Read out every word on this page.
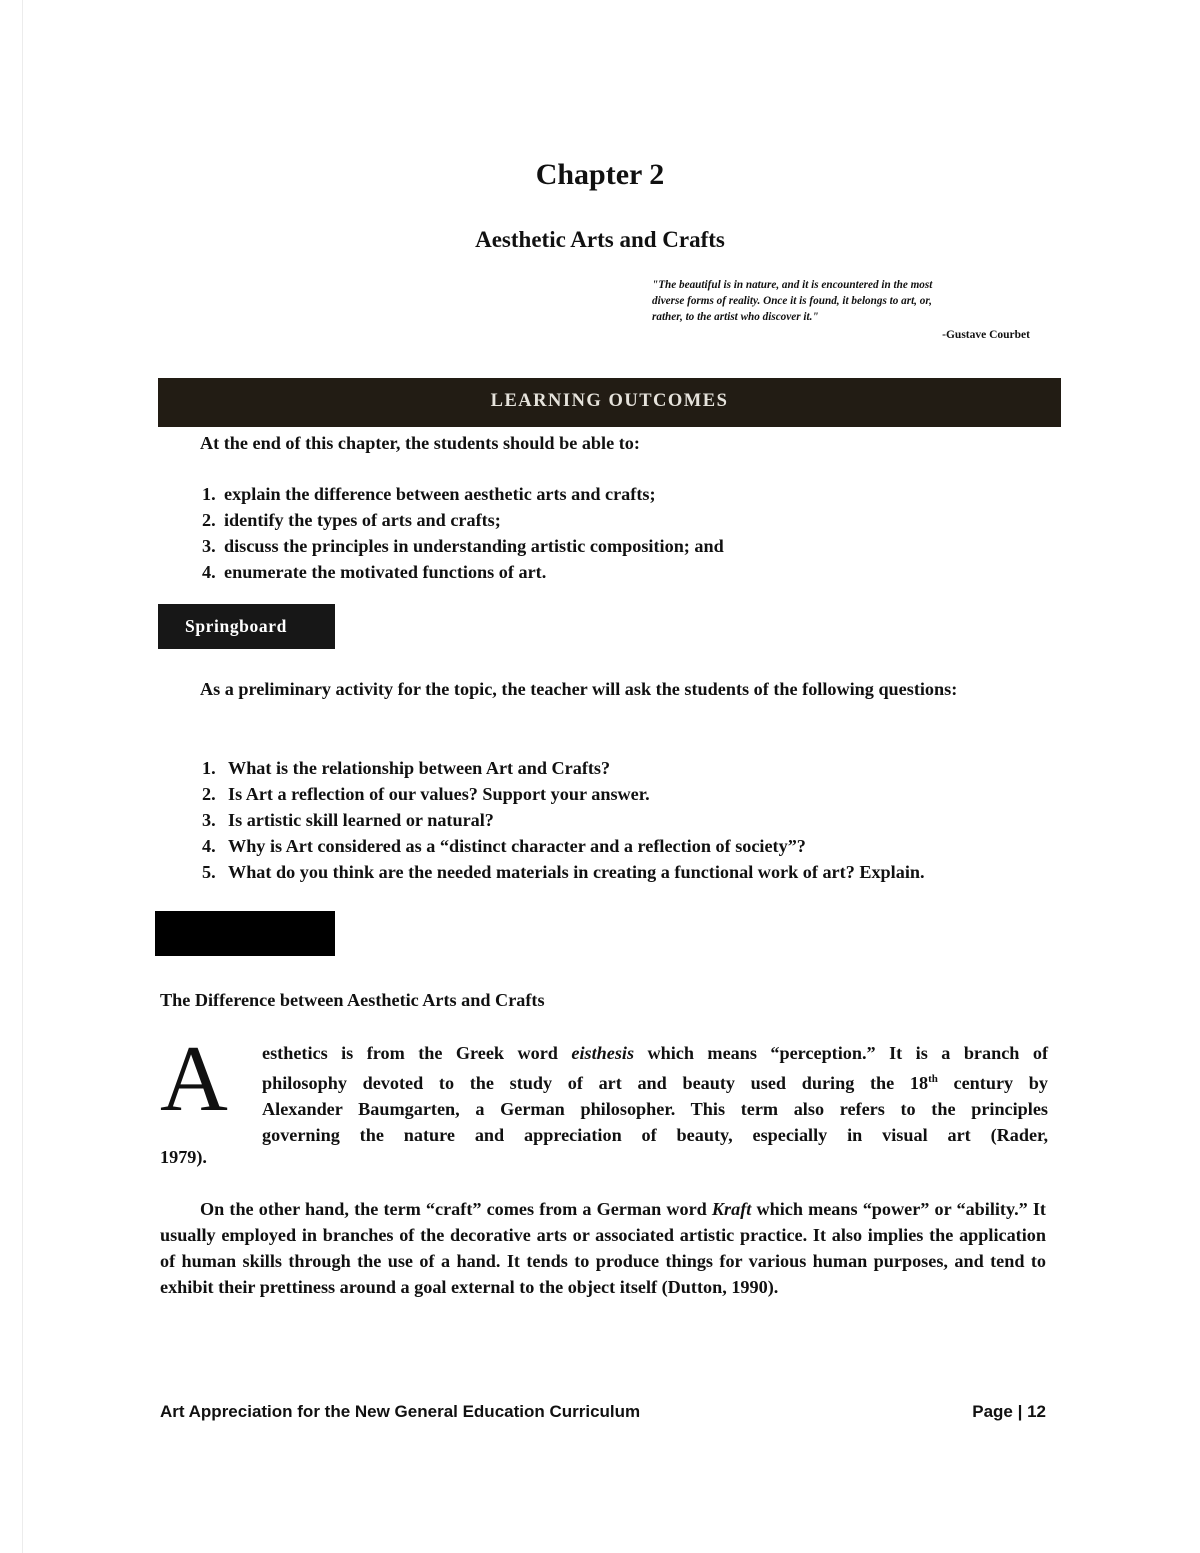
Chapter 2
Aesthetic Arts and Crafts
"The beautiful is in nature, and it is encountered in the most
diverse forms of reality. Once it is found, it belongs to art, or,
rather, to the artist who discover it."
-Gustave Courbet
LEARNING OUTCOMES
At the end of this chapter, the students should be able to:
1. explain the difference between aesthetic arts and crafts;
2. identify the types of arts and crafts;
3. discuss the principles in understanding artistic composition; and
4. enumerate the motivated functions of art.
Springboard
As a preliminary activity for the topic, the teacher will ask the students of the following questions:
1. What is the relationship between Art and Crafts?
2. Is Art a reflection of our values? Support your answer.
3. Is artistic skill learned or natural?
4. Why is Art considered as a “distinct character and a reflection of society”?
5. What do you think are the needed materials in creating a functional work of art? Explain.
The Difference between Aesthetic Arts and Crafts
A esthetics is from the Greek word eisthesis which means “perception.” It is a branch of
philosophy devoted to the study of art and beauty used during the 18th century by
Alexander Baumgarten, a German philosopher. This term also refers to the principles
governing the nature and appreciation of beauty, especially in visual art (Rader,
1979).
On the other hand, the term “craft” comes from a German word Kraft which means “power” or “ability.” It usually employed in branches of the decorative arts or associated artistic practice. It also implies the application of human skills through the use of a hand. It tends to produce things for various human purposes, and tend to exhibit their prettiness around a goal external to the object itself (Dutton, 1990).
Art Appreciation for the New General Education Curriculum	Page | 12
